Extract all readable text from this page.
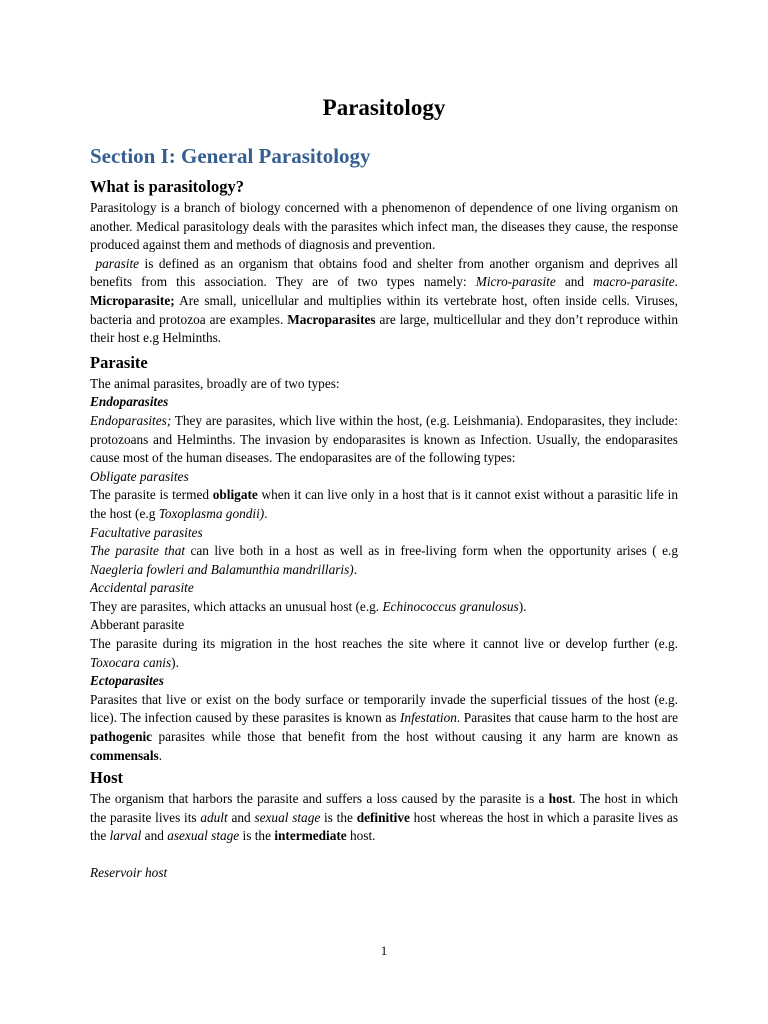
Parasitology
Section I: General Parasitology
What is parasitology?

Parasitology is a branch of biology concerned with a phenomenon of dependence of one living organism on another. Medical parasitology deals with the parasites which infect man, the diseases they cause, the response produced against them and methods of diagnosis and prevention.

parasite is defined as an organism that obtains food and shelter from another organism and deprives all benefits from this association. They are of two types namely: Micro-parasite and macro-parasite. Microparasite; Are small, unicellular and multiplies within its vertebrate host, often inside cells. Viruses, bacteria and protozoa are examples. Macroparasites are large, multicellular and they don’t reproduce within their host e.g Helminths.

Parasite

The animal parasites, broadly are of two types:

Endoparasites

Endoparasites; They are parasites, which live within the host, (e.g. Leishmania). Endoparasites, they include: protozoans and Helminths. The invasion by endoparasites is known as Infection. Usually, the endoparasites cause most of the human diseases. The endoparasites are of the following types:

Obligate parasites

The parasite is termed obligate when it can live only in a host that is it cannot exist without a parasitic life in the host (e.g Toxoplasma gondii).

Facultative parasites

The parasite that can live both in a host as well as in free-living form when the opportunity arises ( e.g Naegleria fowleri and Balamunthia mandrillaris).

Accidental parasite

They are parasites, which attacks an unusual host (e.g. Echinococcus granulosus).

Abberant parasite

The parasite during its migration in the host reaches the site where it cannot live or develop further (e.g. Toxocara canis).

Ectoparasites

Parasites that live or exist on the body surface or temporarily invade the superficial tissues of the host (e.g. lice). The infection caused by these parasites is known as Infestation. Parasites that cause harm to the host are pathogenic parasites while those that benefit from the host without causing it any harm are known as commensals.

Host

The organism that harbors the parasite and suffers a loss caused by the parasite is a host. The host in which the parasite lives its adult and sexual stage is the definitive host whereas the host in which a parasite lives as the larval and asexual stage is the intermediate host.

Reservoir host

1
